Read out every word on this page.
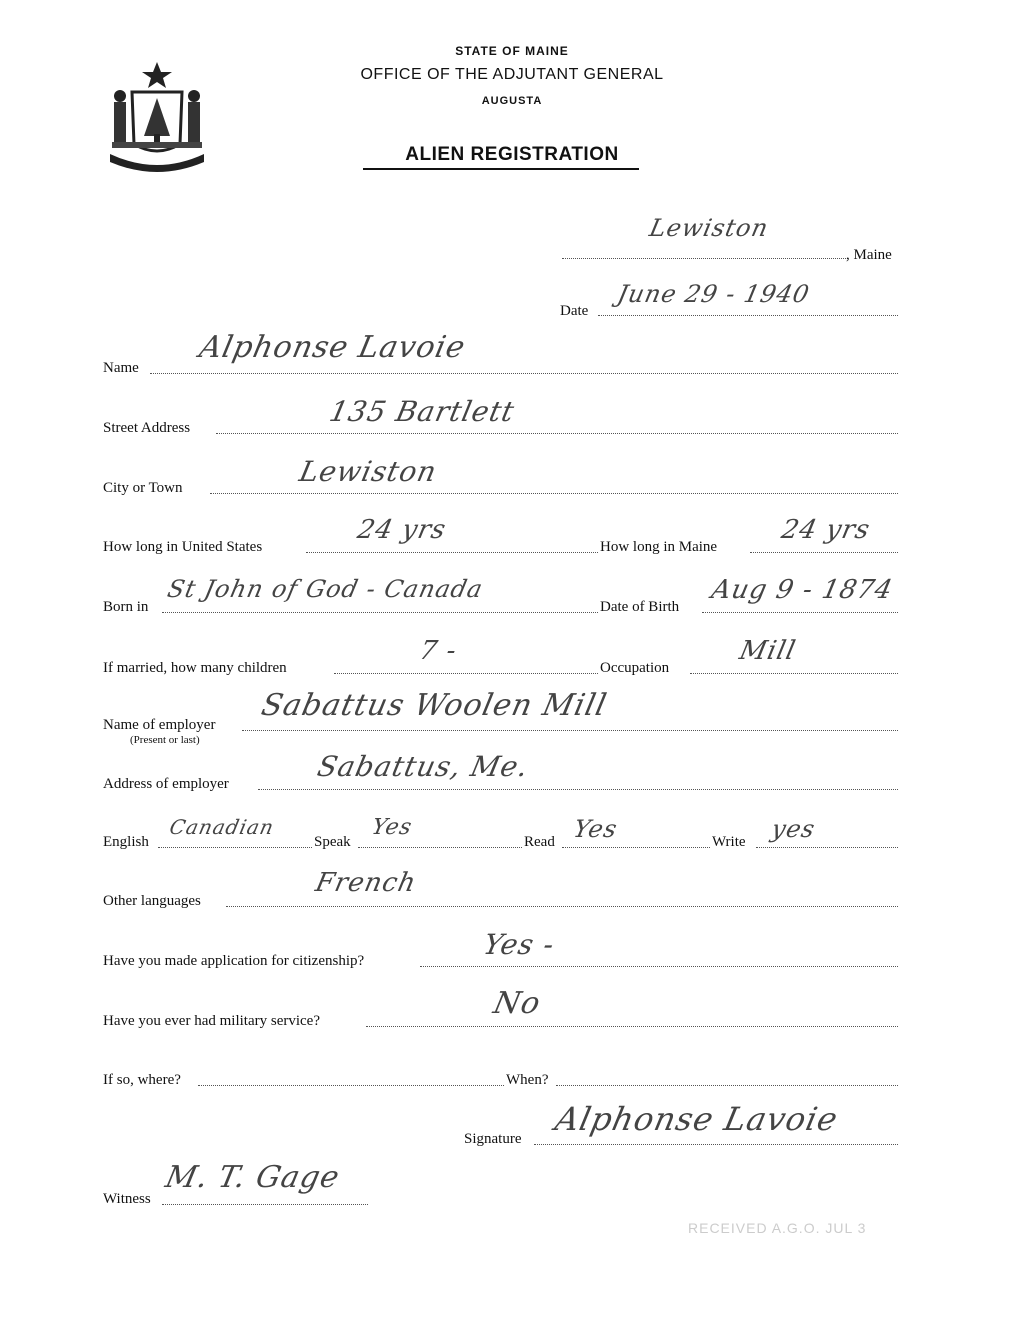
STATE OF MAINE
OFFICE OF THE ADJUTANT GENERAL
AUGUSTA
ALIEN REGISTRATION
Lewiston
, Maine
Date
June 29 - 1940
Name
Alphonse Lavoie
Street Address	135 Bartlett
City or Town	Lewiston
How long in United States
24 yrs
How long in Maine
24 yrs
Born in
St John of God - Canada
Date of Birth
Aug 9 - 1874
If married, how many children
7 -
Occupation
Mill
Name of employer
(Present or last)
Sabattus Woolen Mill
Address of employer
Sabattus, Me.
English
Canadian
Speak
Yes
Read Yes	Write yes
Other languages
French
Have you made application for citizenship?	Yes -
Have you ever had military service?	No
If so, where?	When?
Signature
Alphonse Lavoie
Witness
M. T. Gage
RECEIVED A.G.O. JUL 3
